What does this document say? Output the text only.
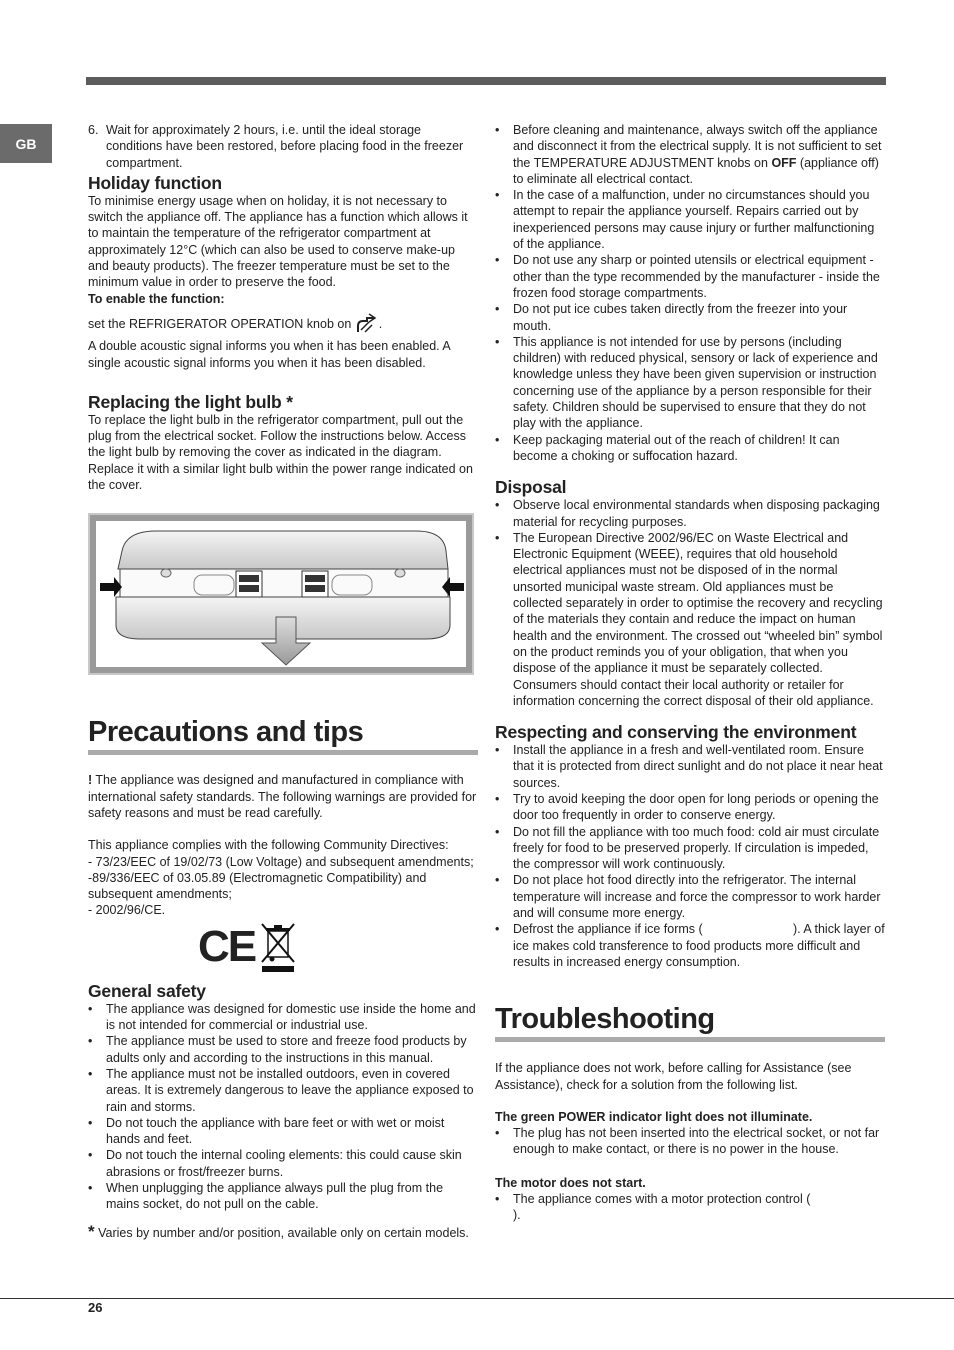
GB

6. Wait for approximately 2 hours, i.e. until the ideal storage conditions have been restored, before placing food in the freezer compartment.

Holiday function

To minimise energy usage when on holiday, it is not necessary to switch the appliance off. The appliance has a function which allows it to maintain the temperature of the refrigerator compartment at approximately 12°C (which can also be used to conserve make-up and beauty products). The freezer temperature must be set to the minimum value in order to preserve the food.

To enable the function:

set the REFRIGERATOR OPERATION knob on .

A double acoustic signal informs you when it has been enabled. A single acoustic signal informs you when it has been disabled.

Replacing the light bulb *

To replace the light bulb in the refrigerator compartment, pull out the plug from the electrical socket. Follow the instructions below. Access the light bulb by removing the cover as indicated in the diagram. Replace it with a similar light bulb within the power range indicated on the cover.

Precautions and tips

! The appliance was designed and manufactured in compliance with international safety standards. The following warnings are provided for safety reasons and must be read carefully.

This appliance complies with the following Community Directives:

- 73/23/EEC of 19/02/73 (Low Voltage) and subsequent amendments;

-89/336/EEC of 03.05.89 (Electromagnetic Compatibility) and subsequent amendments;

- 2002/96/CE.

CE
General safety
• The appliance was designed for domestic use inside the home and is not intended for commercial or industrial use.
• The appliance must be used to store and freeze food products by adults only and according to the instructions in this manual.
• The appliance must not be installed outdoors, even in covered areas. It is extremely dangerous to leave the appliance exposed to rain and storms.
• Do not touch the appliance with bare feet or with wet or moist hands and feet.
• Do not touch the internal cooling elements: this could cause skin abrasions or frost/freezer burns.
• When unplugging the appliance always pull the plug from the mains socket, do not pull on the cable.

* Varies by number and/or position, available only on certain models.

• Before cleaning and maintenance, always switch off the appliance and disconnect it from the electrical supply. It is not sufficient to set the TEMPERATURE ADJUSTMENT knobs on OFF (appliance off) to eliminate all electrical contact.
• In the case of a malfunction, under no circumstances should you attempt to repair the appliance yourself. Repairs carried out by inexperienced persons may cause injury or further malfunctioning of the appliance.
• Do not use any sharp or pointed utensils or electrical equipment - other than the type recommended by the manufacturer - inside the frozen food storage compartments.
• Do not put ice cubes taken directly from the freezer into your mouth.
• This appliance is not intended for use by persons (including children) with reduced physical, sensory or lack of experience and knowledge unless they have been given supervision or instruction concerning use of the appliance by a person responsible for their safety. Children should be supervised to ensure that they do not play with the appliance.
• Keep packaging material out of the reach of children! It can become a choking or suffocation hazard.
Disposal
• Observe local environmental standards when disposing packaging material for recycling purposes.
• The European Directive 2002/96/EC on Waste Electrical and Electronic Equipment (WEEE), requires that old household electrical appliances must not be disposed of in the normal unsorted municipal waste stream. Old appliances must be collected separately in order to optimise the recovery and recycling of the materials they contain and reduce the impact on human health and the environment. The crossed out “wheeled bin” symbol on the product reminds you of your obligation, that when you dispose of the appliance it must be separately collected. Consumers should contact their local authority or retailer for information concerning the correct disposal of their old appliance.
Respecting and conserving the environment
• Install the appliance in a fresh and well-ventilated room. Ensure that it is protected from direct sunlight and do not place it near heat sources.
• Try to avoid keeping the door open for long periods or opening the door too frequently in order to conserve energy.
• Do not fill the appliance with too much food: cold air must circulate freely for food to be preserved properly. If circulation is impeded, the compressor will work continuously.
• Do not place hot food directly into the refrigerator. The internal temperature will increase and force the compressor to work harder and will consume more energy.
• Defrost the appliance if ice forms (                          ). A thick layer of ice makes cold transference to food products more difficult and results in increased energy consumption.
Troubleshooting

If the appliance does not work, before calling for Assistance (see Assistance), check for a solution from the following list.

The green POWER indicator light does not illuminate.

• The plug has not been inserted into the electrical socket, or not far enough to make contact, or there is no power in the house.

The motor does not start.

• The appliance comes with a motor protection control (                                       ).
26
